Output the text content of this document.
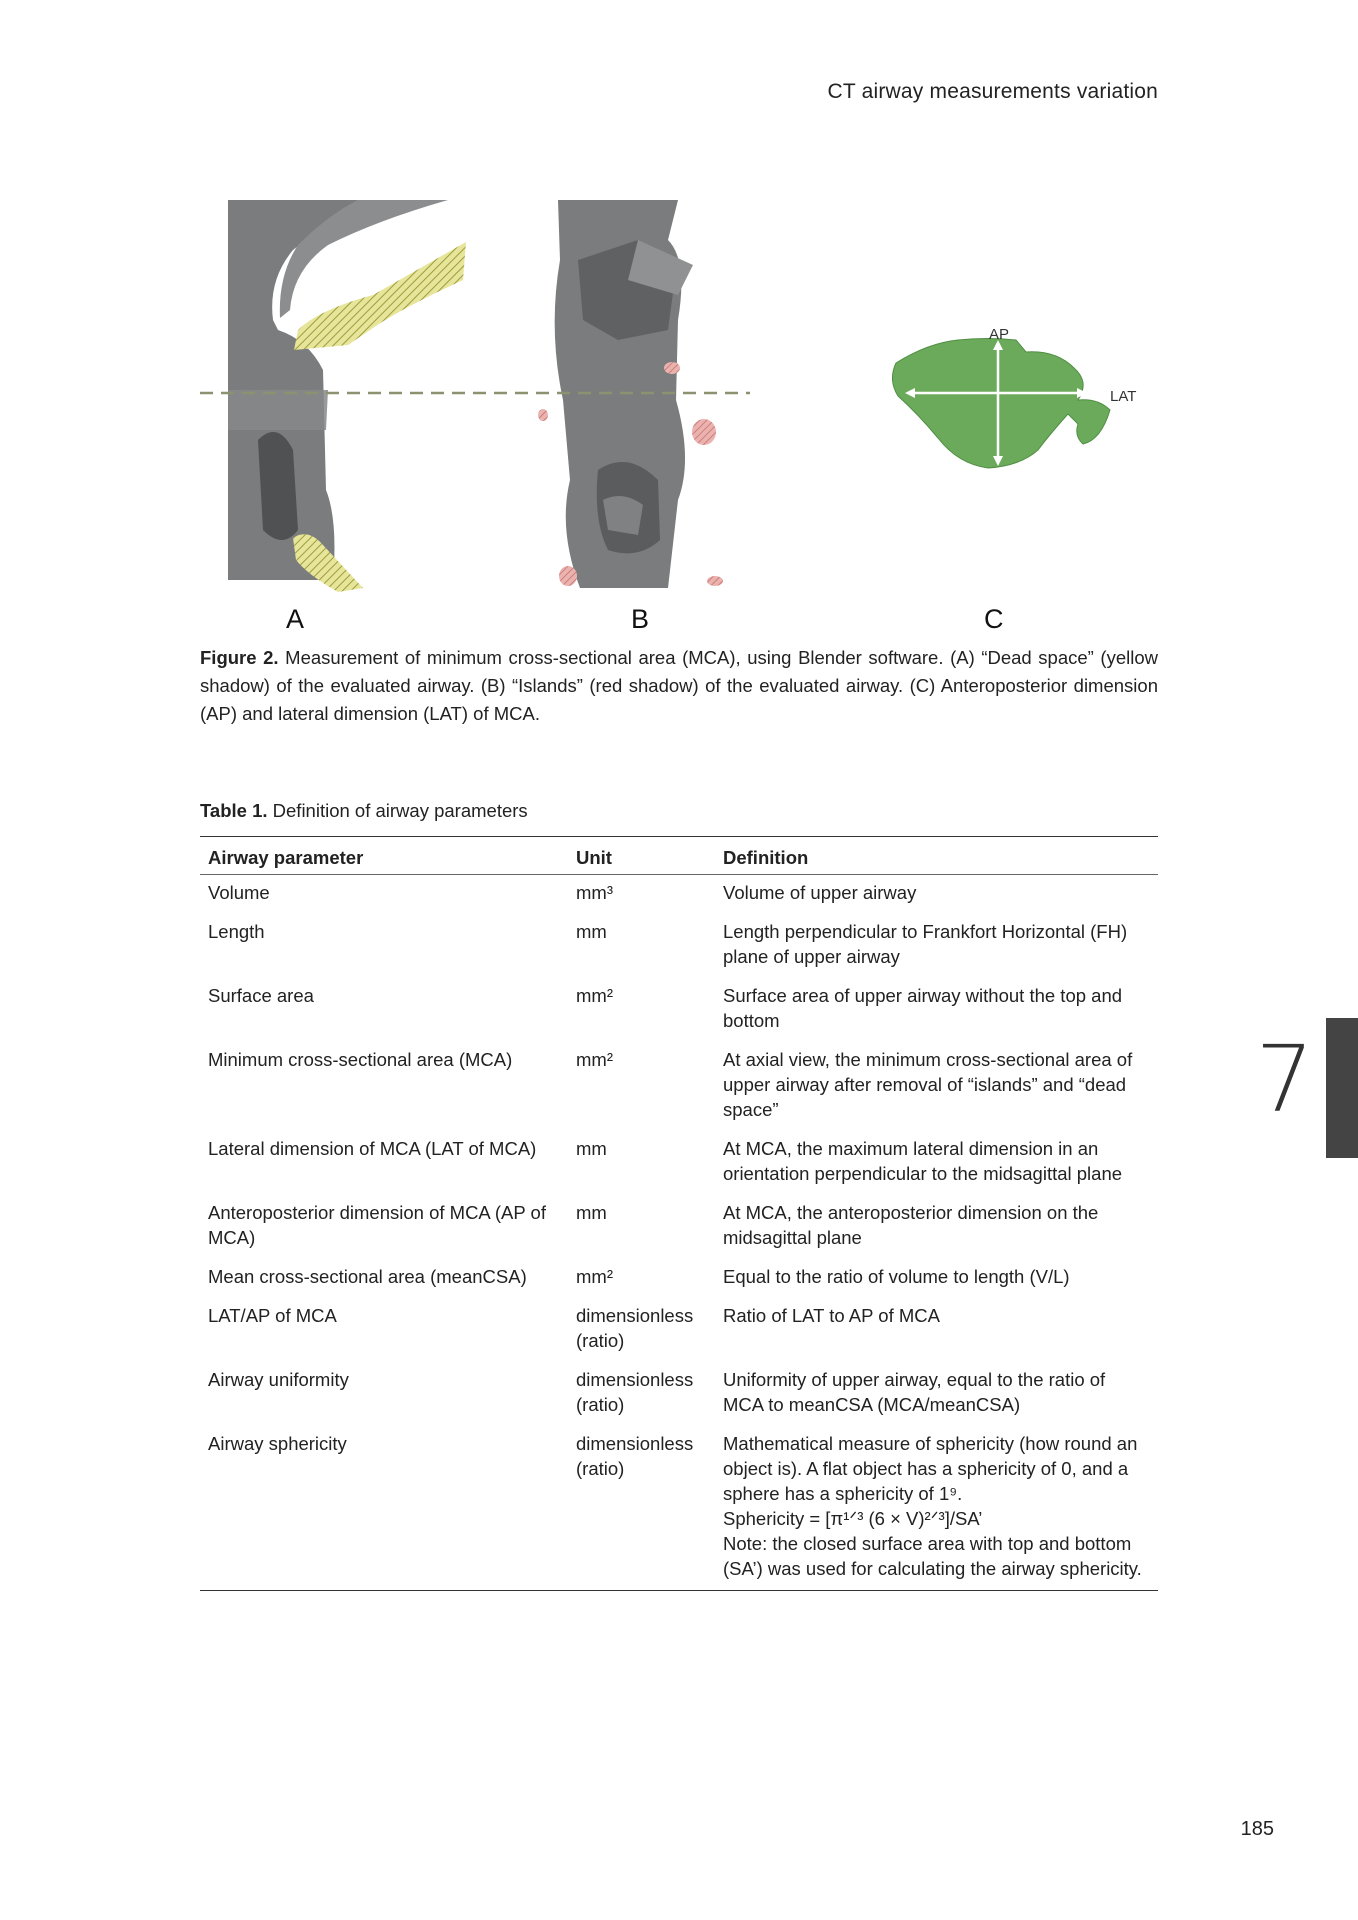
CT airway measurements variation
AP
LAT
A	B	C
Figure 2. Measurement of minimum cross-sectional area (MCA), using Blender software. (A) “Dead space” (yellow shadow) of the evaluated airway. (B) “Islands” (red shadow) of the evaluated airway. (C) Anteroposterior dimension (AP) and lateral dimension (LAT) of MCA.
Table 1. Definition of airway parameters
Airway parameter	Unit	Definition
Volume	mm³	Volume of upper airway
Length	mm	Length perpendicular to Frankfort Horizontal (FH) plane of upper airway
Surface area	mm²	Surface area of upper airway without the top and bottom
Minimum cross-sectional area (MCA)	mm²	At axial view, the minimum cross-sectional area of upper airway after removal of “islands” and “dead space”
Lateral dimension of MCA (LAT of MCA)	mm	At MCA, the maximum lateral dimension in an orientation perpendicular to the midsagittal plane
Anteroposterior dimension of MCA (AP of MCA)	mm	At MCA, the anteroposterior dimension on the midsagittal plane
Mean cross-sectional area (meanCSA)	mm²	Equal to the ratio of volume to length (V/L)
LAT/AP of MCA	dimensionless (ratio)	Ratio of LAT to AP of MCA
Airway uniformity	dimensionless (ratio)	Uniformity of upper airway, equal to the ratio of MCA to meanCSA (MCA/meanCSA)
Airway sphericity	dimensionless (ratio)	Mathematical measure of sphericity (how round an object is). A flat object has a sphericity of 0, and a sphere has a sphericity of 1⁹.
Sphericity = [π¹ᐟ³ (6 × V)²ᐟ³]/SA’
Note: the closed surface area with top and bottom (SA’) was used for calculating the airway sphericity.
7
185
